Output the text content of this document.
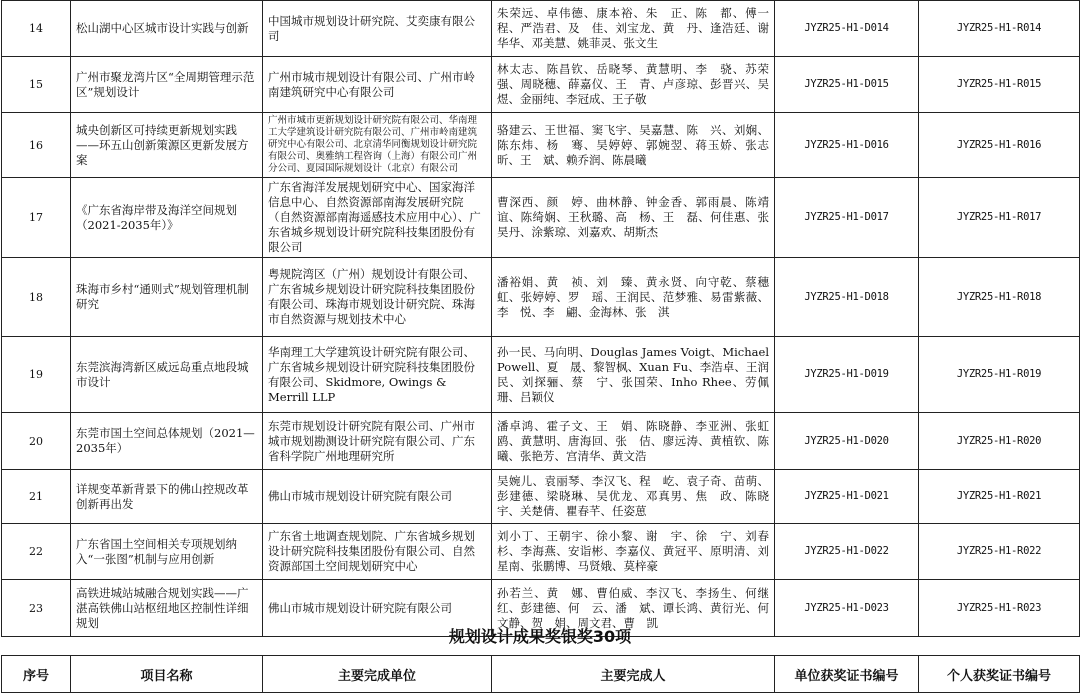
14	松山湖中心区城市设计实践与创新	中国城市规划设计研究院、艾奕康有限公司	朱荣远、卓伟德、康本裕、朱　正、陈　都、傅一程、严浩君、及　佳、刘宝龙、黄　丹、逢浩廷、谢华华、邓美慧、姚菲灵、张文生	JYZR25-H1-D014	JYZR25-H1-R014
15	广州市聚龙湾片区“全周期管理示范区”规划设计	广州市城市规划设计有限公司、广州市岭南建筑研究中心有限公司	林太志、陈昌钦、岳晓琴、黄慧明、李　骁、苏荣强、周晓穗、薛嘉仪、王　青、卢彦琼、彭晋兴、吴　煜、金丽纯、李冠成、王子敬	JYZR25-H1-D015	JYZR25-H1-R015
16	城央创新区可持续更新规划实践——环五山创新策源区更新发展方案	广州市城市更新规划设计研究院有限公司、华南理工大学建筑设计研究院有限公司、广州市岭南建筑研究中心有限公司、北京清华同衡规划设计研究院有限公司、奥雅纳工程咨询（上海）有限公司广州分公司、夏园国际规划设计（北京）有限公司	骆建云、王世福、窦飞宇、吴嘉慧、陈　兴、刘娴、陈东炜、杨　骞、吴婷婷、郭婉翌、蒋玉娇、张志昕、王　斌、赖乔润、陈晨曦	JYZR25-H1-D016	JYZR25-H1-R016
17	《广东省海岸带及海洋空间规划（2021-2035年）》	广东省海洋发展规划研究中心、国家海洋信息中心、自然资源部南海发展研究院（自然资源部南海遥感技术应用中心）、广东省城乡规划设计研究院科技集团股份有限公司	曹深西、颜　婷、曲林静、钟金香、郭雨晨、陈靖谊、陈绮娴、王秋璐、高　杨、王　磊、何佳惠、张昊丹、涂紫琼、刘嘉欢、胡斯杰	JYZR25-H1-D017	JYZR25-H1-R017
18	珠海市乡村“通则式”规划管理机制研究	粤规院湾区（广州）规划设计有限公司、广东省城乡规划设计研究院科技集团股份有限公司、珠海市规划设计研究院、珠海市自然资源与规划技术中心	潘裕娟、黄　祯、刘　臻、黄永贤、向守乾、蔡穗虹、张婷婷、罗　瑶、王润民、范梦雅、易雷紫薇、李　悦、李　翩、金海林、张　淇	JYZR25-H1-D018	JYZR25-H1-R018
19	东莞滨海湾新区威远岛重点地段城市设计	华南理工大学建筑设计研究院有限公司、广东省城乡规划设计研究院科技集团股份有限公司、Skidmore, Owings & Merrill LLP	孙一民、马向明、Douglas James Voigt、Michael Powell、夏　晟、黎智枫、Xuan Fu、李浩卓、王润民、刘探骊、蔡　宁、张国荣、Inho Rhee、劳佩珊、吕颖仪	JYZR25-H1-D019	JYZR25-H1-R019
20	东莞市国土空间总体规划（2021—2035年）	东莞市规划设计研究院有限公司、广州市城市规划勘测设计研究院有限公司、广东省科学院广州地理研究所	潘卓鸿、霍子文、王　娟、陈晓静、李亚洲、张虹鸥、黄慧明、唐海回、张　佶、廖远涛、黄植钦、陈　曦、张艳芳、宫清华、黄文浩	JYZR25-H1-D020	JYZR25-H1-R020
21	详规变革新背景下的佛山控规改革创新再出发	佛山市城市规划设计研究院有限公司	吴婉儿、袁丽琴、李汉飞、程　屹、袁子奇、苗萌、彭建德、梁晓琳、吴优龙、邓真男、焦　政、陈晓宇、关楚倩、瞿春芊、任姿葸	JYZR25-H1-D021	JYZR25-H1-R021
22	广东省国土空间相关专项规划纳入“一张图”机制与应用创新	广东省土地调查规划院、广东省城乡规划设计研究院科技集团股份有限公司、自然资源部国土空间规划研究中心	刘小丁、王朝宇、徐小黎、谢　宇、徐　宁、刘春杉、李海燕、安诣彬、李嘉仪、黄冠平、原明清、刘星南、张鹏博、马贤娥、莫梓豪	JYZR25-H1-D022	JYZR25-H1-R022
23	高铁进城站城融合规划实践——广湛高铁佛山站枢纽地区控制性详细规划	佛山市城市规划设计研究院有限公司	孙若兰、黄　娜、曹伯威、李汉飞、李扬生、何继红、彭建德、何　云、潘　斌、谭长鸿、黄衍光、何文静、贺　娟、周文君、曹　凯	JYZR25-H1-D023	JYZR25-H1-R023
规划设计成果奖银奖30项
序号	项目名称	主要完成单位	主要完成人	单位获奖证书编号	个人获奖证书编号
